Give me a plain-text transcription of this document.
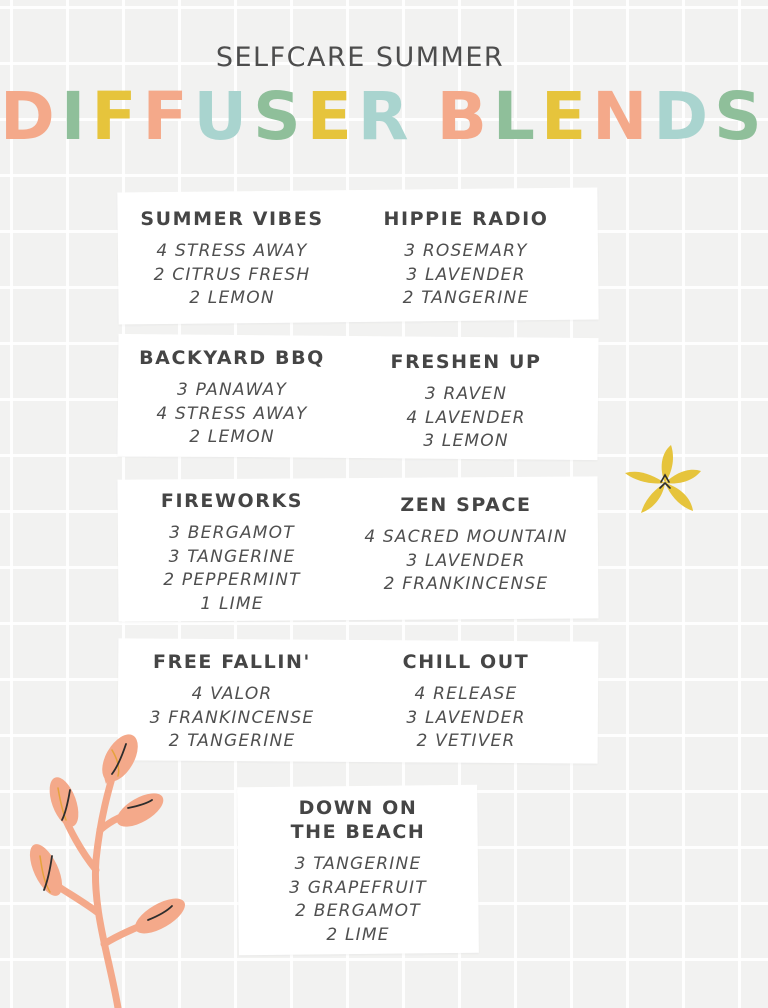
SELFCARE SUMMER
DIFFUSER BLENDS
SUMMER VIBES
4 STRESS AWAY
2 CITRUS FRESH
2 LEMON
HIPPIE RADIO
3 ROSEMARY
3 LAVENDER
2 TANGERINE
BACKYARD BBQ
3 PANAWAY
4 STRESS AWAY
2 LEMON
FRESHEN UP
3 RAVEN
4 LAVENDER
3 LEMON
FIREWORKS
3 BERGAMOT
3 TANGERINE
2 PEPPERMINT
1 LIME
ZEN SPACE
4 SACRED MOUNTAIN
3 LAVENDER
2 FRANKINCENSE
FREE FALLIN'
4 VALOR
3 FRANKINCENSE
2 TANGERINE
CHILL OUT
4 RELEASE
3 LAVENDER
2 VETIVER
DOWN ON
THE BEACH
3 TANGERINE
3 GRAPEFRUIT
2 BERGAMOT
2 LIME
